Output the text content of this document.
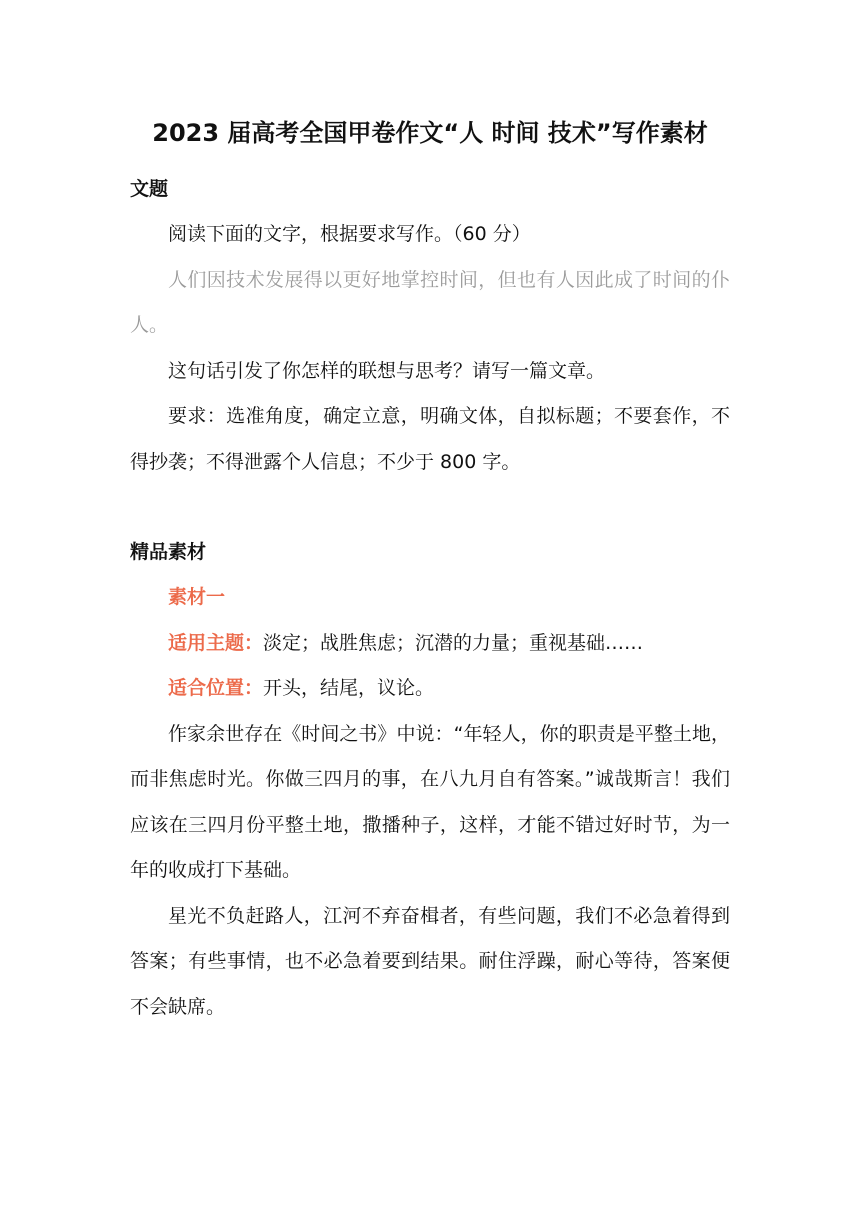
2023 届高考全国甲卷作文“人 时间 技术”写作素材
文题

阅读下面的文字，根据要求写作。（60 分）

人们因技术发展得以更好地掌控时间，但也有人因此成了时间的仆人。

这句话引发了你怎样的联想与思考？请写一篇文章。

要求：选准角度，确定立意，明确文体，自拟标题；不要套作，不得抄袭；不得泄露个人信息；不少于 800 字。

精品素材

素材一

适用主题：淡定；战胜焦虑；沉潜的力量；重视基础……

适合位置：开头，结尾，议论。

作家余世存在《时间之书》中说：“年轻人，你的职责是平整土地，而非焦虑时光。你做三四月的事，在八九月自有答案。”诚哉斯言！我们应该在三四月份平整土地，撒播种子，这样，才能不错过好时节，为一年的收成打下基础。

星光不负赶路人，江河不弃奋楫者，有些问题，我们不必急着得到答案；有些事情，也不必急着要到结果。耐住浮躁，耐心等待，答案便不会缺席。
